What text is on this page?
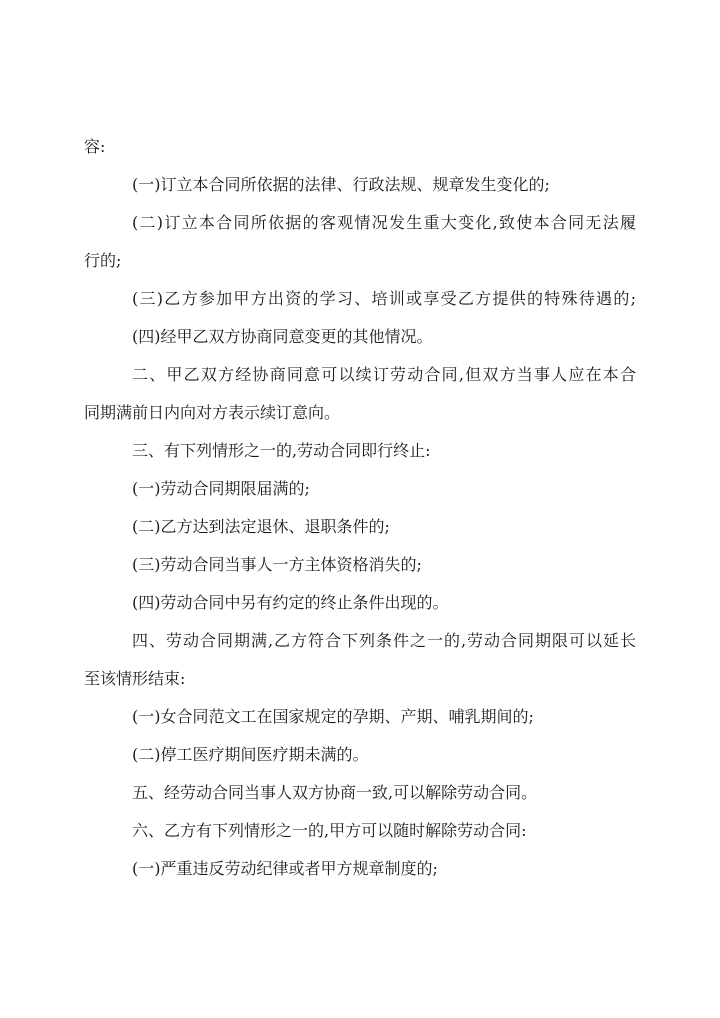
容:
(一)订立本合同所依据的法律、行政法规、规章发生变化的;
(二)订立本合同所依据的客观情况发生重大变化,致使本合同无法履
行的;
(三)乙方参加甲方出资的学习、培训或享受乙方提供的特殊待遇的;
(四)经甲乙双方协商同意变更的其他情况。
二、甲乙双方经协商同意可以续订劳动合同,但双方当事人应在本合
同期满前日内向对方表示续订意向。
三、有下列情形之一的,劳动合同即行终止:
(一)劳动合同期限届满的;
(二)乙方达到法定退休、退职条件的;
(三)劳动合同当事人一方主体资格消失的;
(四)劳动合同中另有约定的终止条件出现的。
四、劳动合同期满,乙方符合下列条件之一的,劳动合同期限可以延长
至该情形结束:
(一)女合同范文工在国家规定的孕期、产期、哺乳期间的;
(二)停工医疗期间医疗期未满的。
五、经劳动合同当事人双方协商一致,可以解除劳动合同。
六、乙方有下列情形之一的,甲方可以随时解除劳动合同:
(一)严重违反劳动纪律或者甲方规章制度的;
